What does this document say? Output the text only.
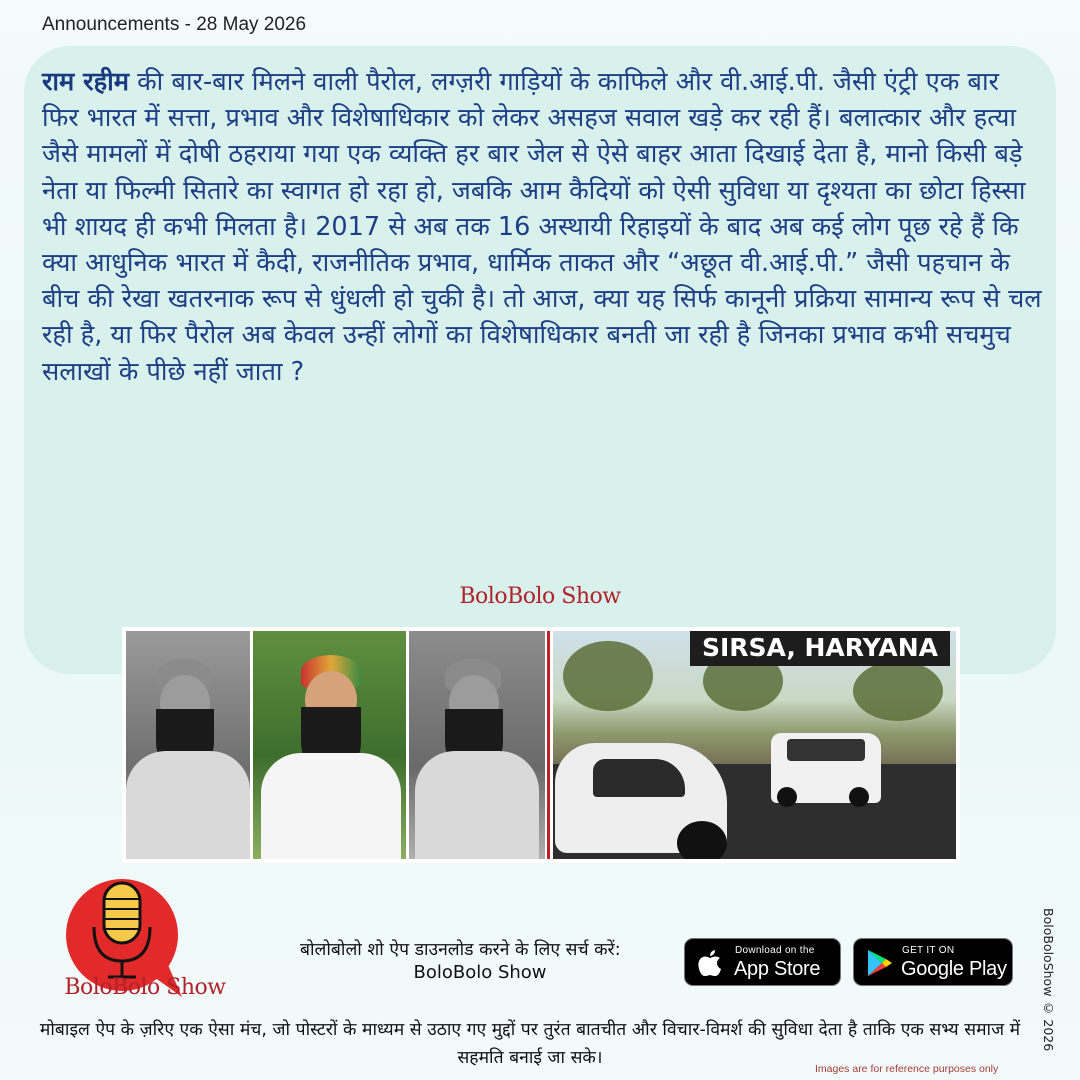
Announcements - 28 May 2026

राम रहीम की बार-बार मिलने वाली पैरोल, लग्ज़री गाड़ियों के काफिले और वी.आई.पी. जैसी एंट्री एक बार फिर भारत में सत्ता, प्रभाव और विशेषाधिकार को लेकर असहज सवाल खड़े कर रही हैं। बलात्कार और हत्या जैसे मामलों में दोषी ठहराया गया एक व्यक्ति हर बार जेल से ऐसे बाहर आता दिखाई देता है, मानो किसी बड़े नेता या फिल्मी सितारे का स्वागत हो रहा हो, जबकि आम कैदियों को ऐसी सुविधा या दृश्यता का छोटा हिस्सा भी शायद ही कभी मिलता है। 2017 से अब तक 16 अस्थायी रिहाइयों के बाद अब कई लोग पूछ रहे हैं कि क्या आधुनिक भारत में कैदी, राजनीतिक प्रभाव, धार्मिक ताकत और “अछूत वी.आई.पी.” जैसी पहचान के बीच की रेखा खतरनाक रूप से धुंधली हो चुकी है। तो आज, क्या यह सिर्फ कानूनी प्रक्रिया सामान्य रूप से चल रही है, या फिर पैरोल अब केवल उन्हीं लोगों का विशेषाधिकार बनती जा रही है जिनका प्रभाव कभी सचमुच सलाखों के पीछे नहीं जाता ?

BoloBolo Show
SIRSA, HARYANA
BoloBolo Show
बोलोबोलो शो ऐप डाउनलोड करने के लिए सर्च करें:
BoloBolo Show
Download on the
App Store
GET IT ON
Google Play	BoloBoloShow © 2026
मोबाइल ऐप के ज़रिए एक ऐसा मंच, जो पोस्टरों के माध्यम से उठाए गए मुद्दों पर तुरंत बातचीत और विचार-विमर्श की सुविधा देता है ताकि एक सभ्य समाज में सहमति बनाई जा सके।
Images are for reference purposes only
